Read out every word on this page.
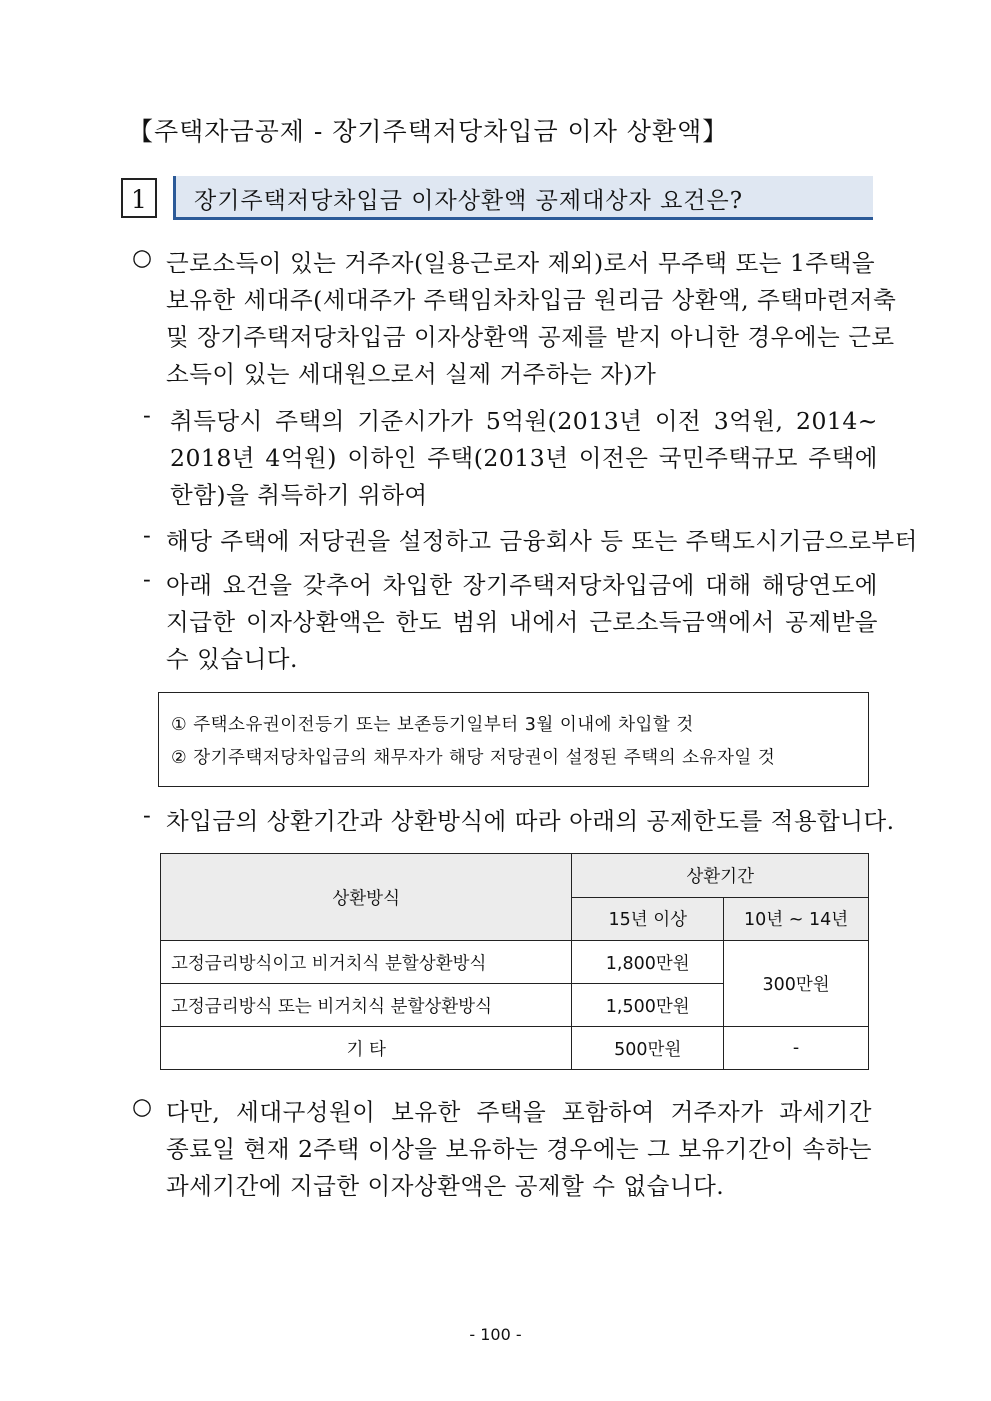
【주택자금공제 - 장기주택저당차입금 이자 상환액】
1	장기주택저당차입금 이자상환액 공제대상자 요건은?
○ 근로소득이 있는 거주자(일용근로자 제외)로서 무주택 또는 1주택을
보유한 세대주(세대주가 주택임차차입금 원리금 상환액, 주택마련저축
및 장기주택저당차입금 이자상환액 공제를 받지 아니한 경우에는 근로
소득이 있는 세대원으로서 실제 거주하는 자)가
- 취득당시 주택의 기준시가가 5억원(2013년 이전 3억원, 2014~
2018년 4억원) 이하인 주택(2013년 이전은 국민주택규모 주택에
한함)을 취득하기 위하여
- 해당 주택에 저당권을 설정하고 금융회사 등 또는 주택도시기금으로부터
- 아래 요건을 갖추어 차입한 장기주택저당차입금에 대해 해당연도에
지급한 이자상환액은 한도 범위 내에서 근로소득금액에서 공제받을
수 있습니다.
① 주택소유권이전등기 또는 보존등기일부터 3월 이내에 차입할 것
② 장기주택저당차입금의 채무자가 해당 저당권이 설정된 주택의 소유자일 것
- 차입금의 상환기간과 상환방식에 따라 아래의 공제한도를 적용합니다.
상환방식	상환기간	
	15년 이상	10년 ~ 14년
고정금리방식이고 비거치식 분할상환방식	1,800만원	300만원
고정금리방식 또는 비거치식 분할상환방식	1,500만원	
기 타	500만원	-
○ 다만, 세대구성원이 보유한 주택을 포함하여 거주자가 과세기간
종료일 현재 2주택 이상을 보유하는 경우에는 그 보유기간이 속하는
과세기간에 지급한 이자상환액은 공제할 수 없습니다.
- 100 -
